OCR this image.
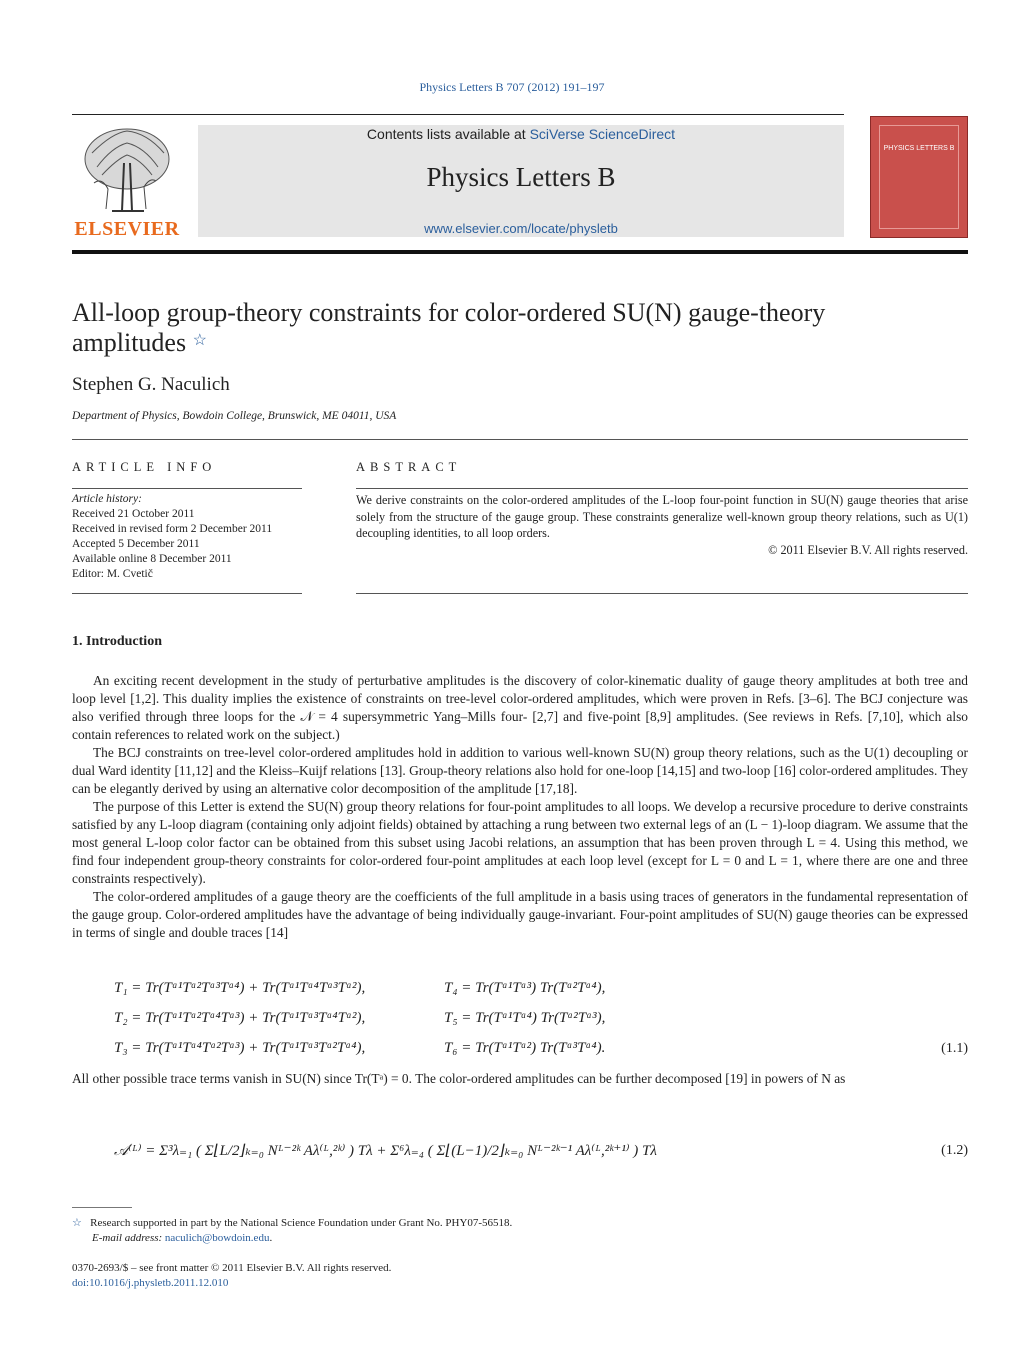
Physics Letters B 707 (2012) 191–197
ELSEVIER
Contents lists available at SciVerse ScienceDirect
Physics Letters B
www.elsevier.com/locate/physletb
PHYSICS LETTERS B
All-loop group-theory constraints for color-ordered SU(N) gauge-theory
amplitudes ☆
Stephen G. Naculich
Department of Physics, Bowdoin College, Brunswick, ME 04011, USA
ARTICLE INFO
Article history:
Received 21 October 2011
Received in revised form 2 December 2011
Accepted 5 December 2011
Available online 8 December 2011
Editor: M. Cvetič
ABSTRACT
We derive constraints on the color-ordered amplitudes of the L-loop four-point function in SU(N) gauge theories that arise solely from the structure of the gauge group. These constraints generalize well-known group theory relations, such as U(1) decoupling identities, to all loop orders.
© 2011 Elsevier B.V. All rights reserved.
1. Introduction

An exciting recent development in the study of perturbative amplitudes is the discovery of color-kinematic duality of gauge theory amplitudes at both tree and loop level [1,2]. This duality implies the existence of constraints on tree-level color-ordered amplitudes, which were proven in Refs. [3–6]. The BCJ conjecture was also verified through three loops for the 𝒩 = 4 supersymmetric Yang–Mills four- [2,7] and five-point [8,9] amplitudes. (See reviews in Refs. [7,10], which also contain references to related work on the subject.)

The BCJ constraints on tree-level color-ordered amplitudes hold in addition to various well-known SU(N) group theory relations, such as the U(1) decoupling or dual Ward identity [11,12] and the Kleiss–Kuijf relations [13]. Group-theory relations also hold for one-loop [14,15] and two-loop [16] color-ordered amplitudes. They can be elegantly derived by using an alternative color decomposition of the amplitude [17,18].

The purpose of this Letter is extend the SU(N) group theory relations for four-point amplitudes to all loops. We develop a recursive procedure to derive constraints satisfied by any L-loop diagram (containing only adjoint fields) obtained by attaching a rung between two external legs of an (L − 1)-loop diagram. We assume that the most general L-loop color factor can be obtained from this subset using Jacobi relations, an assumption that has been proven through L = 4. Using this method, we find four independent group-theory constraints for color-ordered four-point amplitudes at each loop level (except for L = 0 and L = 1, where there are one and three constraints respectively).

The color-ordered amplitudes of a gauge theory are the coefficients of the full amplitude in a basis using traces of generators in the fundamental representation of the gauge group. Color-ordered amplitudes have the advantage of being individually gauge-invariant. Four-point amplitudes of SU(N) gauge theories can be expressed in terms of single and double traces [14]

T₁ = Tr(Tᵃ¹Tᵃ²Tᵃ³Tᵃ⁴) + Tr(Tᵃ¹Tᵃ⁴Tᵃ³Tᵃ²),
T₂ = Tr(Tᵃ¹Tᵃ²Tᵃ⁴Tᵃ³) + Tr(Tᵃ¹Tᵃ³Tᵃ⁴Tᵃ²),
T₃ = Tr(Tᵃ¹Tᵃ⁴Tᵃ²Tᵃ³) + Tr(Tᵃ¹Tᵃ³Tᵃ²Tᵃ⁴),
T₄ = Tr(Tᵃ¹Tᵃ³) Tr(Tᵃ²Tᵃ⁴),
T₅ = Tr(Tᵃ¹Tᵃ⁴) Tr(Tᵃ²Tᵃ³),
T₆ = Tr(Tᵃ¹Tᵃ²) Tr(Tᵃ³Tᵃ⁴).	(1.1)

All other possible trace terms vanish in SU(N) since Tr(Tᵃ) = 0. The color-ordered amplitudes can be further decomposed [19] in powers of N as

𝒜⁽ᴸ⁾ = Σ³λ₌₁ ( Σ⌊L/2⌋ₖ₌₀ Nᴸ⁻²ᵏ Aλ⁽ᴸ,²ᵏ⁾ ) Tλ + Σ⁶λ₌₄ ( Σ⌊(L−1)/2⌋ₖ₌₀ Nᴸ⁻²ᵏ⁻¹ Aλ⁽ᴸ,²ᵏ⁺¹⁾ ) Tλ	(1.2)
☆ Research supported in part by the National Science Foundation under Grant No. PHY07-56518.
E-mail address: naculich@bowdoin.edu.
0370-2693/$ – see front matter © 2011 Elsevier B.V. All rights reserved.
doi:10.1016/j.physletb.2011.12.010
